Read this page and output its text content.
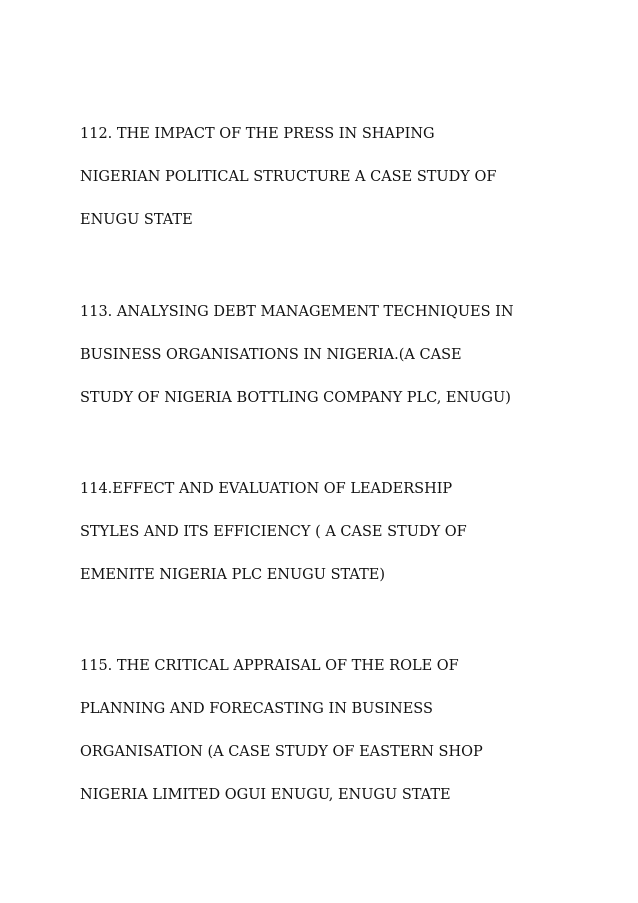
112. THE IMPACT OF THE PRESS IN SHAPING
NIGERIAN POLITICAL STRUCTURE A CASE STUDY OF
ENUGU STATE
113. ANALYSING DEBT MANAGEMENT TECHNIQUES IN
BUSINESS ORGANISATIONS IN NIGERIA.(A CASE
STUDY OF NIGERIA BOTTLING COMPANY PLC, ENUGU)
114.EFFECT AND EVALUATION OF LEADERSHIP
STYLES AND ITS EFFICIENCY ( A CASE STUDY OF
EMENITE NIGERIA PLC ENUGU STATE)
115. THE CRITICAL APPRAISAL OF THE ROLE OF
PLANNING AND FORECASTING IN BUSINESS
ORGANISATION (A CASE STUDY OF EASTERN SHOP
NIGERIA LIMITED OGUI ENUGU, ENUGU STATE
